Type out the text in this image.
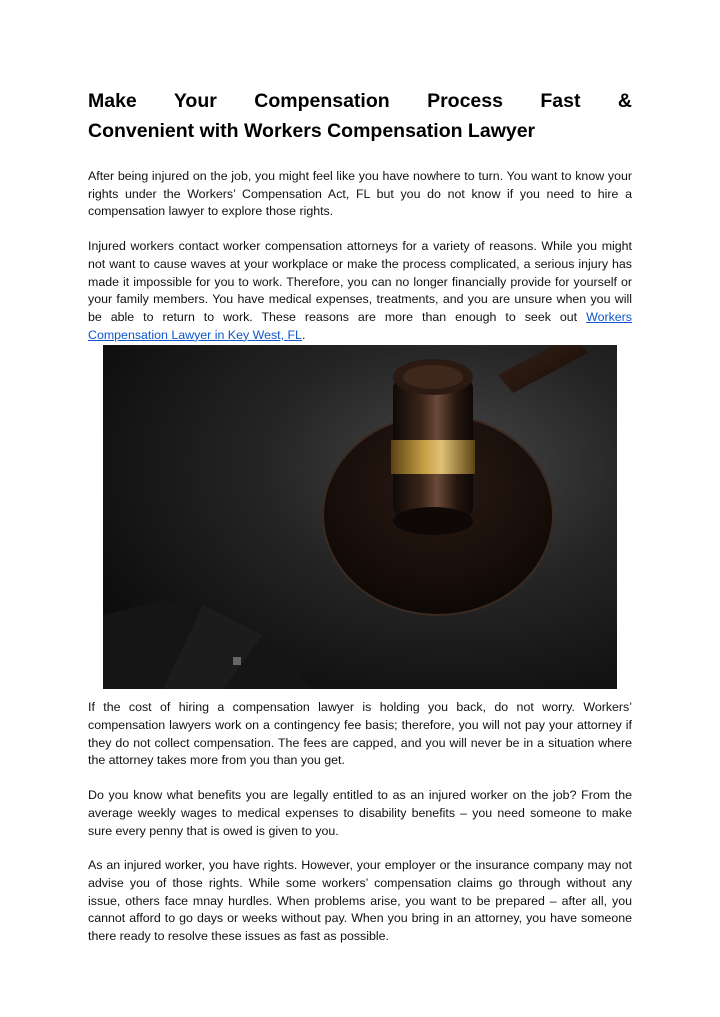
Make Your Compensation Process Fast &
Convenient with Workers Compensation Lawyer

After being injured on the job, you might feel like you have nowhere to turn. You want to know your rights under the Workers’ Compensation Act, FL but you do not know if you need to hire a compensation lawyer to explore those rights.

Injured workers contact worker compensation attorneys for a variety of reasons. While you might not want to cause waves at your workplace or make the process complicated, a serious injury has made it impossible for you to work. Therefore, you can no longer financially provide for yourself or your family members. You have medical expenses, treatments, and you are unsure when you will be able to return to work. These reasons are more than enough to seek out Workers Compensation Lawyer in Key West, FL.

If the cost of hiring a compensation lawyer is holding you back, do not worry. Workers’ compensation lawyers work on a contingency fee basis; therefore, you will not pay your attorney if they do not collect compensation. The fees are capped, and you will never be in a situation where the attorney takes more from you than you get.

Do you know what benefits you are legally entitled to as an injured worker on the job? From the average weekly wages to medical expenses to disability benefits – you need someone to make sure every penny that is owed is given to you.

As an injured worker, you have rights. However, your employer or the insurance company may not advise you of those rights. While some workers’ compensation claims go through without any issue, others face mnay hurdles. When problems arise, you want to be prepared – after all, you cannot afford to go days or weeks without pay. When you bring in an attorney, you have someone there ready to resolve these issues as fast as possible.
